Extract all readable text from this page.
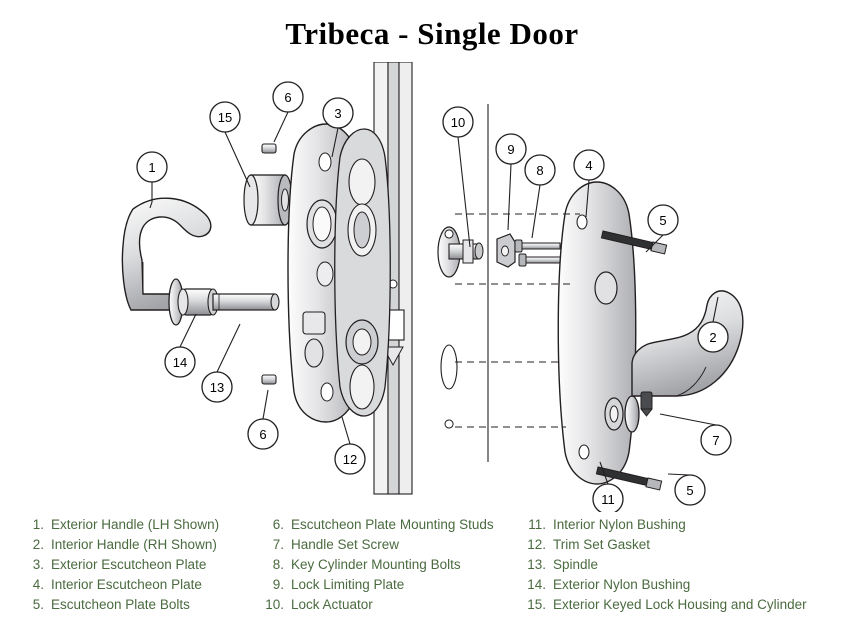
Tribeca - Single Door
1
2
3
4
5
5
6
6	7
8
9
10
11
12
13
14
15
1. Exterior Handle (LH Shown)
2. Interior Handle (RH Shown)
3. Exterior Escutcheon Plate
4. Interior Escutcheon Plate
5. Escutcheon Plate Bolts
6. Escutcheon Plate Mounting Studs
7. Handle Set Screw
8. Key Cylinder Mounting Bolts
9. Lock Limiting Plate
10. Lock Actuator
11. Interior Nylon Bushing
12. Trim Set Gasket
13. Spindle
14. Exterior Nylon Bushing
15. Exterior Keyed Lock Housing and Cylinder
